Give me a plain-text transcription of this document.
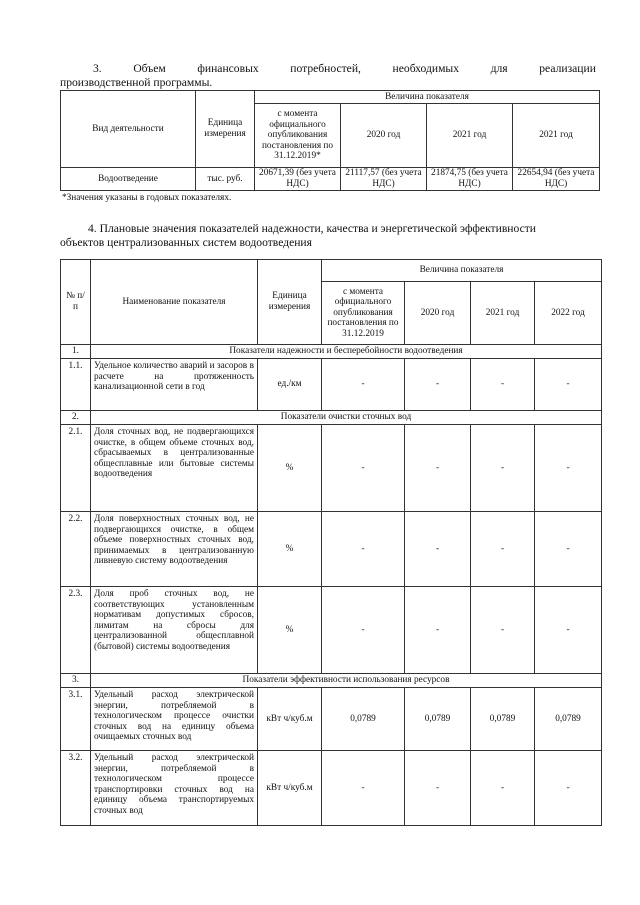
3.	Объем	финансовых	потребностей,	необходимых	для	реализации
производственной программы.
Вид деятельности	Единица измерения	Величина показателя			
		с момента официального опубликования постановления по 31.12.2019*	2020 год	2021 год	2021 год
Водоотведение	тыс. руб.	20671,39 (без учета НДС)	21117,57 (без учета НДС)	21874,75 (без учета НДС)	22654,94 (без учета НДС)
*Значения указаны в годовых показателях.
4. Плановые значения показателей надежности, качества и энергетической эффективности
объектов централизованных систем водоотведения
№ п/п	Наименование показателя	Единица измерения	Величина показателя			
			с момента официального опубликования постановления по 31.12.2019	2020 год	2021 год	2022 год
1.	Показатели надежности и бесперебойности водоотведения					
1.1.	Удельное количество аварий и засоров в расчете на протяженность канализационной сети в год	ед./км	-	-	-	-
2.	Показатели очистки сточных вод					
2.1.	Доля сточных вод, не подвергающихся очистке, в общем объеме сточных вод, сбрасываемых в централизованные общесплавные или бытовые системы водоотведения	%	-	-	-	-
2.2.	Доля поверхностных сточных вод, не подвергающихся очистке, в общем объеме поверхностных сточных вод, принимаемых в централизованную ливневую систему водоотведения	%	-	-	-	-
2.3.	Доля проб сточных вод, не соответствующих установленным нормативам допустимых сбросов, лимитам на сбросы для централизованной общесплавной (бытовой) системы водоотведения	%	-	-	-	-
3.	Показатели эффективности использования ресурсов					
3.1.	Удельный расход электрической энергии, потребляемой в технологическом процессе очистки сточных вод на единицу объема очищаемых сточных вод	кВт ч/куб.м	0,0789	0,0789	0,0789	0,0789
3.2.	Удельный расход электрической энергии, потребляемой в технологическом процессе транспортировки сточных вод на единицу объема транспортируемых сточных вод	кВт ч/куб.м	-	-	-	-
